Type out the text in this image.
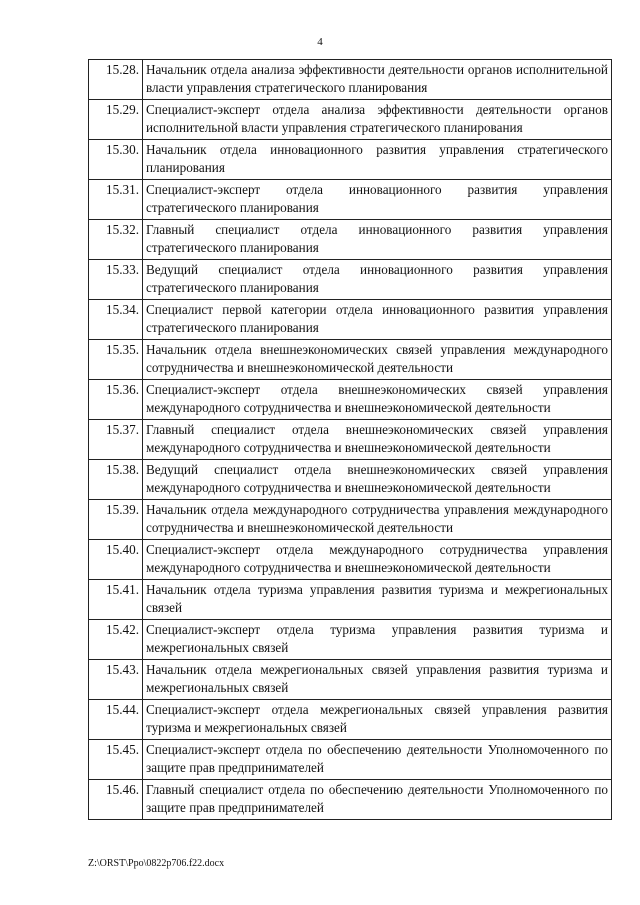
4
15.28.	Начальник отдела анализа эффективности деятельности органов исполнительной власти управления стратегического планирования
15.29.	Специалист-эксперт отдела анализа эффективности деятельности органов исполнительной власти управления стратегического планирования
15.30.	Начальник отдела инновационного развития управления стратегического планирования
15.31.	Специалист-эксперт отдела инновационного развития управления стратегического планирования
15.32.	Главный специалист отдела инновационного развития управления стратегического планирования
15.33.	Ведущий специалист отдела инновационного развития управления стратегического планирования
15.34.	Специалист первой категории отдела инновационного развития управления стратегического планирования
15.35.	Начальник отдела внешнеэкономических связей управления международного сотрудничества и внешнеэкономической деятельности
15.36.	Специалист-эксперт отдела внешнеэкономических связей управления международного сотрудничества и внешнеэкономической деятельности
15.37.	Главный специалист отдела внешнеэкономических связей управления международного сотрудничества и внешнеэкономической деятельности
15.38.	Ведущий специалист отдела внешнеэкономических связей управления международного сотрудничества и внешнеэкономической деятельности
15.39.	Начальник отдела международного сотрудничества управления международного сотрудничества и внешнеэкономической деятельности
15.40.	Специалист-эксперт отдела международного сотрудничества управления международного сотрудничества и внешнеэкономической деятельности
15.41.	Начальник отдела туризма управления развития туризма и межрегиональных связей
15.42.	Специалист-эксперт отдела туризма управления развития туризма и межрегиональных связей
15.43.	Начальник отдела межрегиональных связей управления развития туризма и межрегиональных связей
15.44.	Специалист-эксперт отдела межрегиональных связей управления развития туризма и межрегиональных связей
15.45.	Специалист-эксперт отдела по обеспечению деятельности Уполномоченного по защите прав предпринимателей
15.46.	Главный специалист отдела по обеспечению деятельности Уполномоченного по защите прав предпринимателей
Z:\ORST\Ppo\0822p706.f22.docx
